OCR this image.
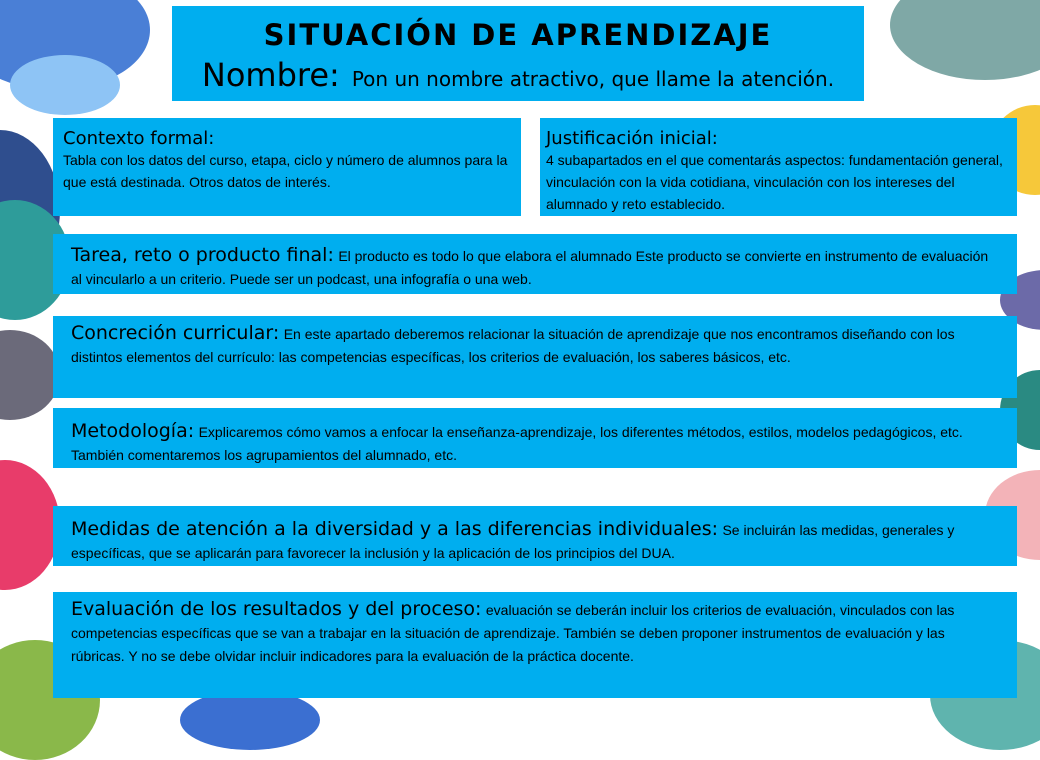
SITUACIÓN DE APRENDIZAJE
Nombre: Pon un nombre atractivo, que llame la atención.
Contexto formal:
Tabla con los datos del curso, etapa, ciclo y número de alumnos para la que está destinada. Otros datos de interés.
Justificación inicial:
4 subapartados en el que comentarás aspectos: fundamentación general, vinculación con la vida cotidiana, vinculación con los intereses del alumnado y reto establecido.
Tarea, reto o producto final: El producto es todo lo que elabora el alumnado Este producto se convierte en instrumento de evaluación al vincularlo a un criterio. Puede ser un podcast, una infografía o una web.
Concreción curricular: En este apartado deberemos relacionar la situación de aprendizaje que nos encontramos diseñando con los distintos elementos del currículo: las competencias específicas, los criterios de evaluación, los saberes básicos, etc.
Metodología: Explicaremos cómo vamos a enfocar la enseñanza-aprendizaje, los diferentes métodos, estilos, modelos pedagógicos, etc. También comentaremos los agrupamientos del alumnado, etc.
Medidas de atención a la diversidad y a las diferencias individuales: Se incluirán las medidas, generales y específicas, que se aplicarán para favorecer la inclusión y la aplicación de los principios del DUA.
Evaluación de los resultados y del proceso: evaluación se deberán incluir los criterios de evaluación, vinculados con las competencias específicas que se van a trabajar en la situación de aprendizaje. También se deben proponer instrumentos de evaluación y las rúbricas. Y no se debe olvidar incluir indicadores para la evaluación de la práctica docente.
